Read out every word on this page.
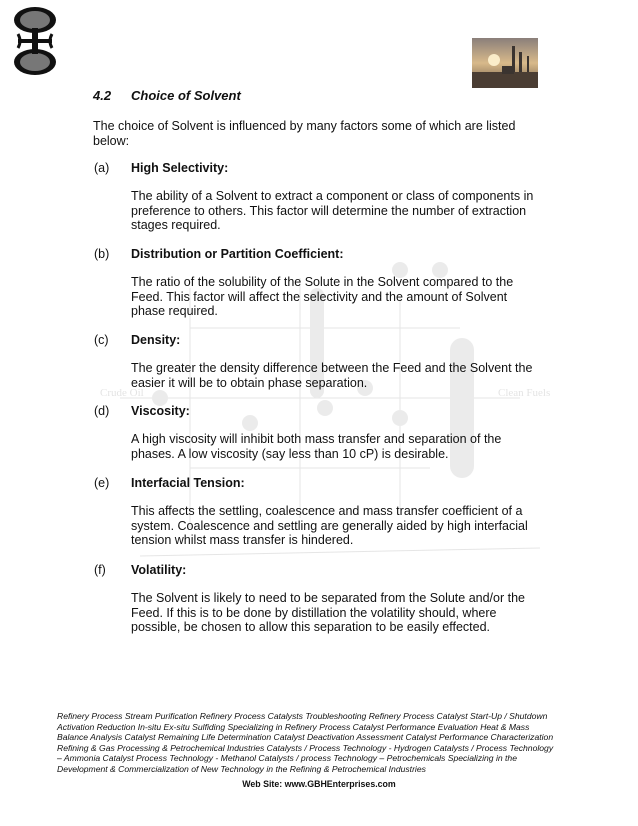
Crude Oil	Clean Fuels
4.2 Choice of Solvent
The choice of Solvent is influenced by many factors some of which are listed below:
(a) High Selectivity:
The ability of a Solvent to extract a component or class of components in preference to others. This factor will determine the number of extraction stages required.
(b) Distribution or Partition Coefficient:
The ratio of the solubility of the Solute in the Solvent compared to the Feed. This factor will affect the selectivity and the amount of Solvent phase required.
(c) Density:
The greater the density difference between the Feed and the Solvent the easier it will be to obtain phase separation.
(d) Viscosity:
A high viscosity will inhibit both mass transfer and separation of the phases. A low viscosity (say less than 10 cP) is desirable.
(e) Interfacial Tension:
This affects the settling, coalescence and mass transfer coefficient of a system. Coalescence and settling are generally aided by high interfacial tension whilst mass transfer is hindered.
(f) Volatility:
The Solvent is likely to need to be separated from the Solute and/or the Feed. If this is to be done by distillation the volatility should, where possible, be chosen to allow this separation to be easily effected.
Refinery Process Stream Purification Refinery Process Catalysts Troubleshooting Refinery Process Catalyst Start-Up / Shutdown Activation Reduction In-situ Ex-situ Sulfiding Specializing in Refinery Process Catalyst Performance Evaluation Heat & Mass Balance Analysis Catalyst Remaining Life Determination Catalyst Deactivation Assessment Catalyst Performance Characterization Refining & Gas Processing & Petrochemical Industries Catalysts / Process Technology - Hydrogen Catalysts / Process Technology – Ammonia Catalyst Process Technology - Methanol Catalysts / process Technology – Petrochemicals Specializing in the Development & Commercialization of New Technology in the Refining & Petrochemical Industries
Web Site: www.GBHEnterprises.com
